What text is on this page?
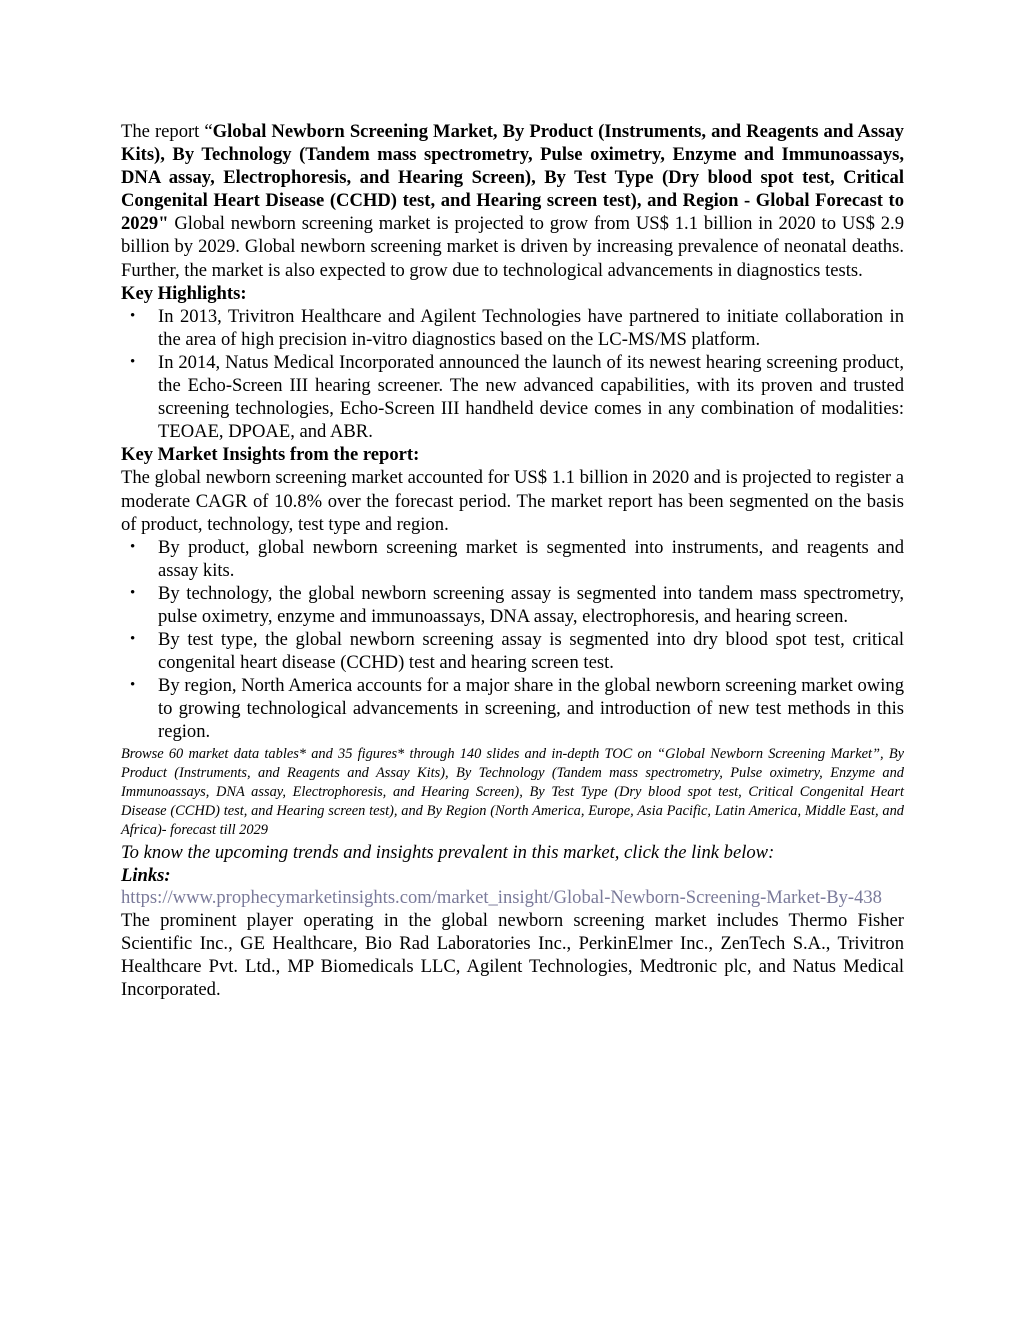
The report “Global Newborn Screening Market, By Product (Instruments, and Reagents and Assay Kits), By Technology (Tandem mass spectrometry, Pulse oximetry, Enzyme and Immunoassays, DNA assay, Electrophoresis, and Hearing Screen), By Test Type (Dry blood spot test, Critical Congenital Heart Disease (CCHD) test, and Hearing screen test), and Region - Global Forecast to 2029" Global newborn screening market is projected to grow from US$ 1.1 billion in 2020 to US$ 2.9 billion by 2029. Global newborn screening market is driven by increasing prevalence of neonatal deaths. Further, the market is also expected to grow due to technological advancements in diagnostics tests.

Key Highlights:
• In 2013, Trivitron Healthcare and Agilent Technologies have partnered to initiate collaboration in the area of high precision in-vitro diagnostics based on the LC-MS/MS platform.
• In 2014, Natus Medical Incorporated announced the launch of its newest hearing screening product, the Echo-Screen III hearing screener. The new advanced capabilities, with its proven and trusted screening technologies, Echo-Screen III handheld device comes in any combination of modalities: TEOAE, DPOAE, and ABR.
Key Market Insights from the report:

The global newborn screening market accounted for US$ 1.1 billion in 2020 and is projected to register a moderate CAGR of 10.8% over the forecast period. The market report has been segmented on the basis of product, technology, test type and region.

• By product, global newborn screening market is segmented into instruments, and reagents and assay kits.
• By technology, the global newborn screening assay is segmented into tandem mass spectrometry, pulse oximetry, enzyme and immunoassays, DNA assay, electrophoresis, and hearing screen.
• By test type, the global newborn screening assay is segmented into dry blood spot test, critical congenital heart disease (CCHD) test and hearing screen test.
• By region, North America accounts for a major share in the global newborn screening market owing to growing technological advancements in screening, and introduction of new test methods in this region.

Browse 60 market data tables* and 35 figures* through 140 slides and in-depth TOC on “Global Newborn Screening Market”, By Product (Instruments, and Reagents and Assay Kits), By Technology (Tandem mass spectrometry, Pulse oximetry, Enzyme and Immunoassays, DNA assay, Electrophoresis, and Hearing Screen), By Test Type (Dry blood spot test, Critical Congenital Heart Disease (CCHD) test, and Hearing screen test), and By Region (North America, Europe, Asia Pacific, Latin America, Middle East, and Africa)- forecast till 2029

To know the upcoming trends and insights prevalent in this market, click the link below:

Links:
https://www.prophecymarketinsights.com/market_insight/Global-Newborn-Screening-Market-By-438

The prominent player operating in the global newborn screening market includes Thermo Fisher Scientific Inc., GE Healthcare, Bio Rad Laboratories Inc., PerkinElmer Inc., ZenTech S.A., Trivitron Healthcare Pvt. Ltd., MP Biomedicals LLC, Agilent Technologies, Medtronic plc, and Natus Medical Incorporated.
